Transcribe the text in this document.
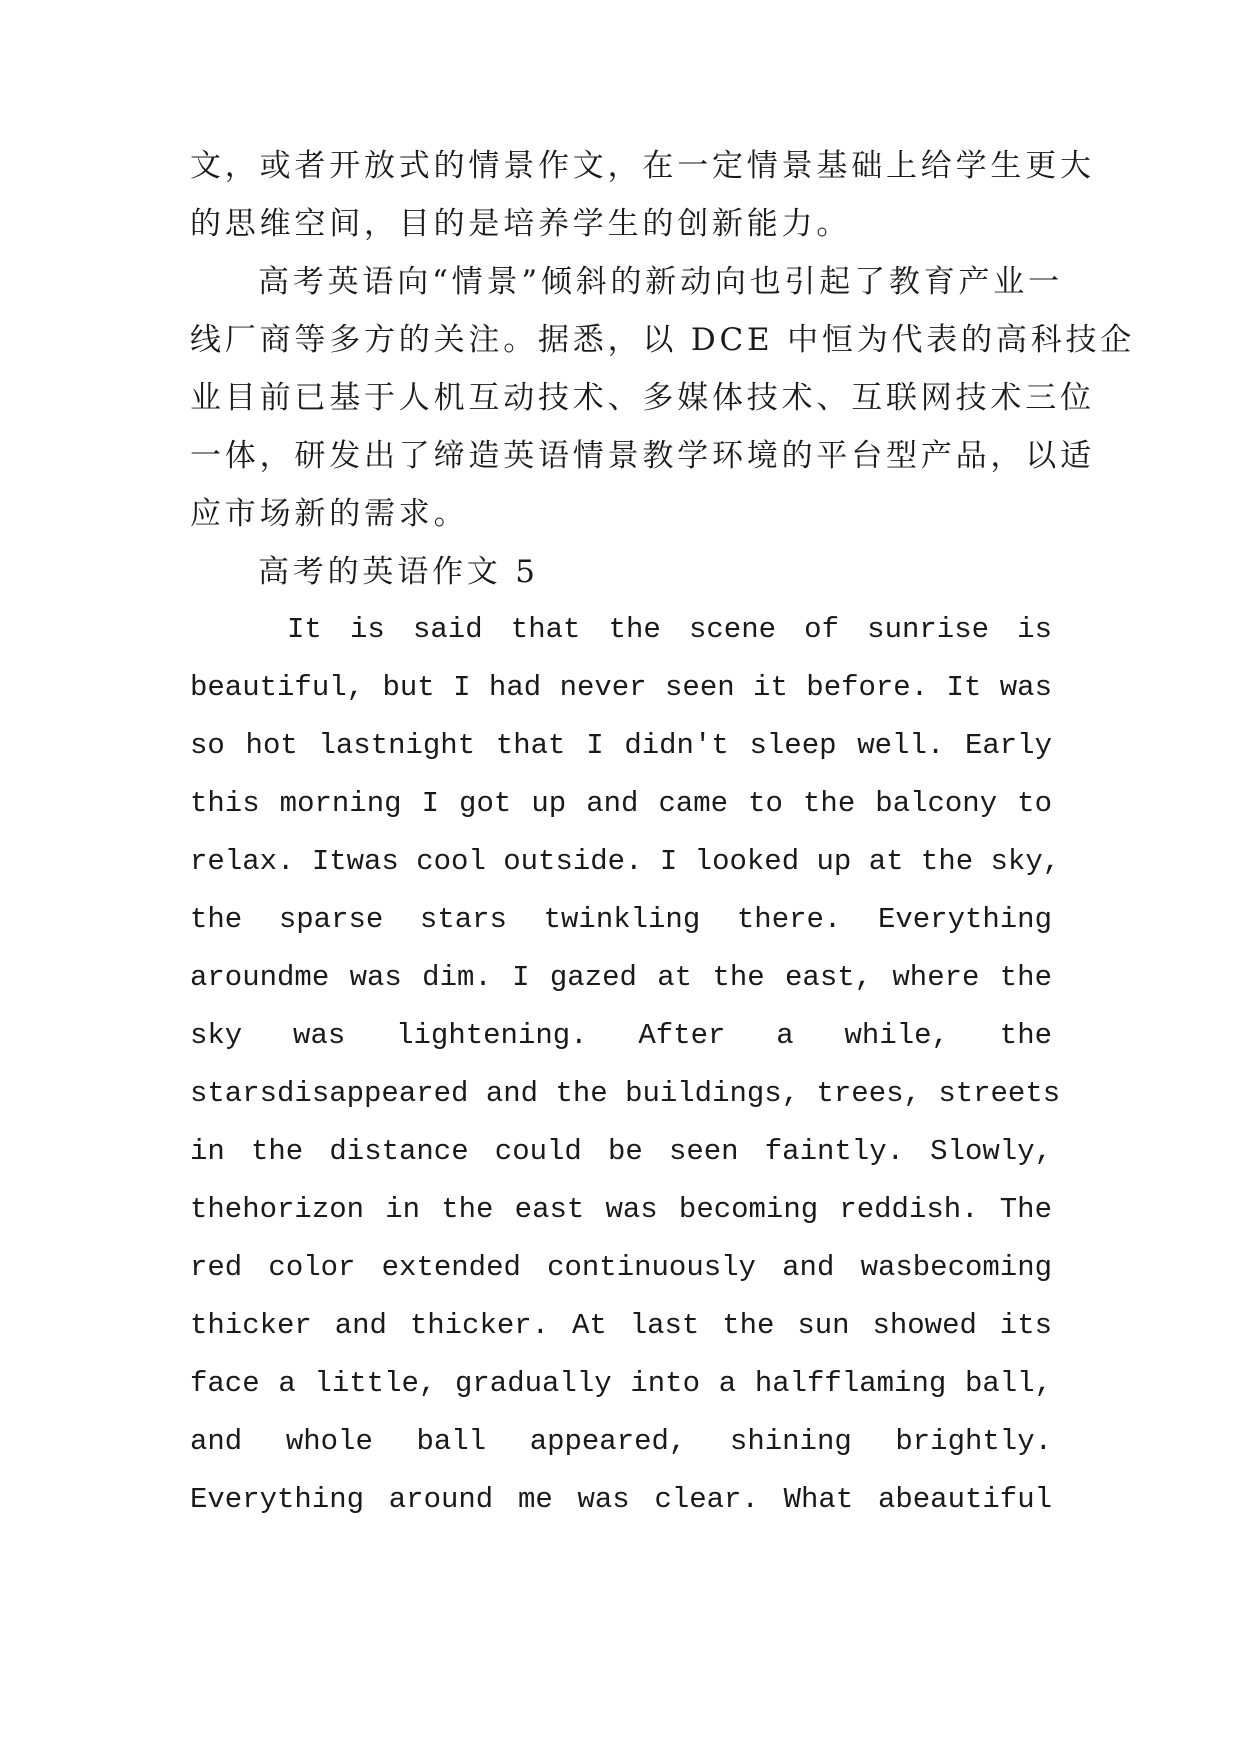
文，或者开放式的情景作文，在一定情景基础上给学生更大

的思维空间，目的是培养学生的创新能力。

高考英语向“情景”倾斜的新动向也引起了教育产业一

线厂商等多方的关注。据悉，以 DCE 中恒为代表的高科技企

业目前已基于人机互动技术、多媒体技术、互联网技术三位

一体，研发出了缔造英语情景教学环境的平台型产品，以适

应市场新的需求。

高考的英语作文 5

It is said that the scene of sunrise is

beautiful, but I had never seen it before. It was

so hot lastnight that I didn't sleep well. Early

this morning I got up and came to the balcony to

relax. Itwas cool outside. I looked up at the sky,

the sparse stars twinkling there. Everything

aroundme was dim. I gazed at the east, where the

sky was lightening. After a while, the

starsdisappeared and the buildings, trees, streets

in the distance could be seen faintly. Slowly,

thehorizon in the east was becoming reddish. The

red color extended continuously and wasbecoming

thicker and thicker. At last the sun showed its

face a little, gradually into a halfflaming ball,

and whole ball appeared, shining brightly.

Everything around me was clear. What abeautiful
